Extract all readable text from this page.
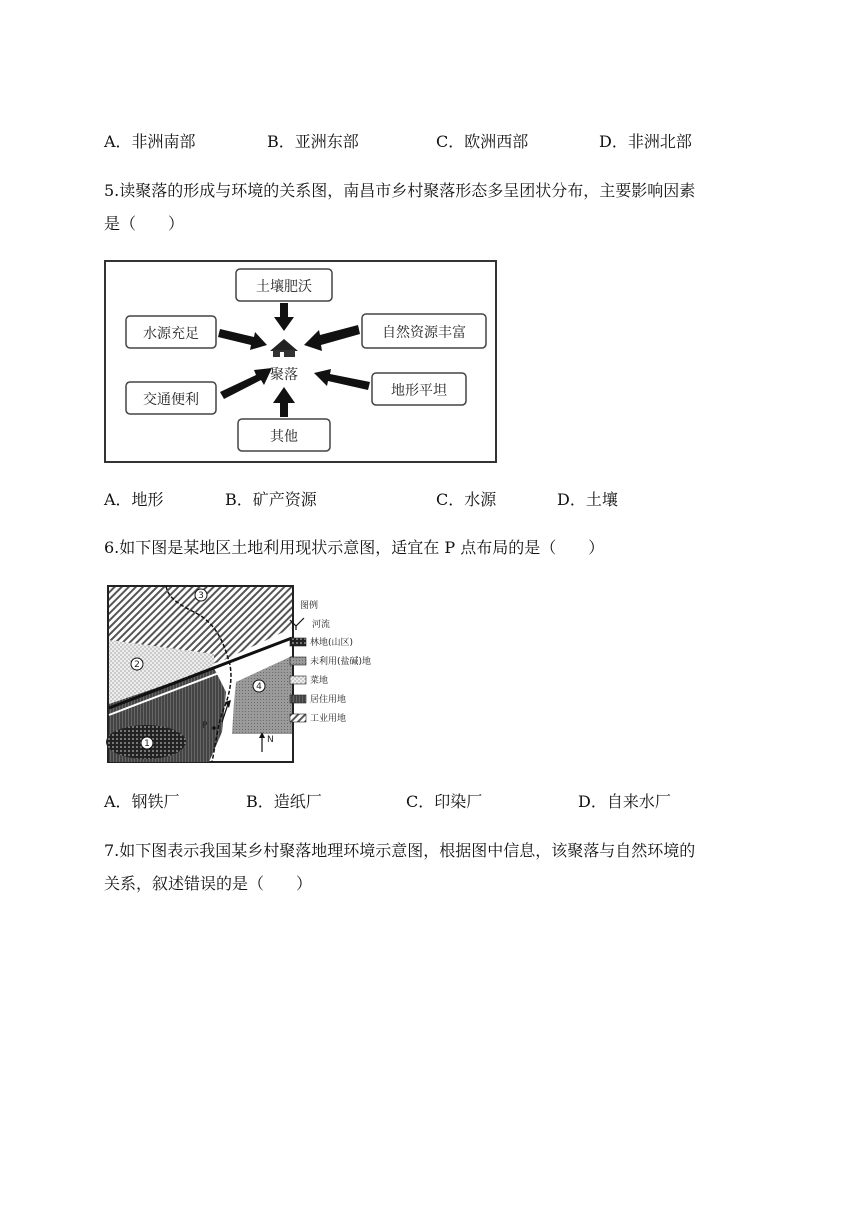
A．非洲南部	B．亚洲东部	C．欧洲西部	D．非洲北部
5.读聚落的形成与环境的关系图，南昌市乡村聚落形态多呈团状分布，主要影响因素
是（　　）
土壤肥沃
水源充足	自然资源丰富
交通便利
地形平坦
其他
聚落
A．地形	B．矿产资源	C．水源	D．土壤
6.如下图是某地区土地利用现状示意图，适宜在 P 点布局的是（　　）
3
2
4
1
P
N
图例
河流
林地(山区)
未利用(盐碱)地
菜地
居住用地
工业用地
A．钢铁厂	B．造纸厂	C．印染厂	D．自来水厂
7.如下图表示我国某乡村聚落地理环境示意图，根据图中信息，该聚落与自然环境的
关系，叙述错误的是（　　）
